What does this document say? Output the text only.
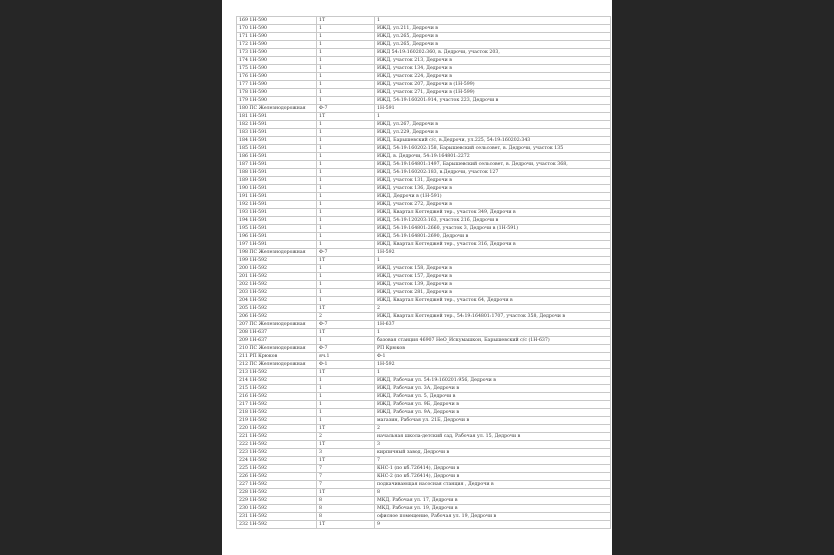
169 1Н-590	1Т	1
170 1Н-590	1	ИЖД, ул.211, Дедрочи в
171 1Н-590	1	ИЖД, ул.265, Дедрочи в
172 1Н-590	1	ИЖД, ул.265, Дедрочи в
173 1Н-590	1	ИЖД 54:19:160202:360, в. Дедрочи, участок 203,
174 1Н-590	1	ИЖД, участок 213, Дедрочи в
175 1Н-590	1	ИЖД, участок 134, Дедрочи в
176 1Н-590	1	ИЖД, участок 224, Дедрочи в
177 1Н-590	1	ИЖД, участок 207, Дедрочи в (1Н-599)
178 1Н-590	1	ИЖД, участок 271, Дедрочи в (1Н-599)
179 1Н-590	1	ИЖД, 54:19:160201:914, участок 223, Дедрочи в
180 ПС Железнодорожная	Ф-7	1Н-591
181 1Н-591	1Т	1
182 1Н-591	1	ИЖД, ул.267, Дедрочи в
183 1Н-591	1	ИЖД, ул.229, Дедрочи в
184 1Н-591	1	ИЖД, Барышевский с/с, в.Дедрочи, ул.225, 54:19:160202:343
185 1Н-591	1	ИЖД, 54:19:160202:158, Барышевский сельсовет, в. Дедрочи, участок 135
186 1Н-591	1	ИЖД, в. Дедрочи, 54:19:164801:2272
187 1Н-591	1	ИЖД, 54:19:164801:1497, Барышевский сельсовет, в. Дедрочи, участок 368,
188 1Н-591	1	ИЖД, 54:19:160202:183, в.Дедрочи, участок 127
189 1Н-591	1	ИЖД, участок 131, Дедрочи в
190 1Н-591	1	ИЖД, участок 136, Дедрочи в
191 1Н-591	1	ИЖД, Дедрочи в (1Н-591)
192 1Н-591	1	ИЖД, участок 272, Дедрочи в
193 1Н-591	1	ИЖД, Квартал Коттеджей тер., участок 349, Дедрочи в
194 1Н-591	1	ИЖД, 54:19:120203:163, участок 216, Дедрочи в
195 1Н-591	1	ИЖД, 54:19:164801:2660, участок 3, Дедрочи в (1Н-591)
196 1Н-591	1	ИЖД, 54:19:164801:2690, Дедрочи в
197 1Н-591	1	ИЖД, Квартал Коттеджей тер., участок 316, Дедрочи в
198 ПС Железнодорожная	Ф-7	1Н-592
199 1Н-592	1Т	1
200 1Н-592	1	ИЖД, участок 158, Дедрочи в
201 1Н-592	1	ИЖД, участок 157, Дедрочи в
202 1Н-592	1	ИЖД, участок 139, Дедрочи в
203 1Н-592	1	ИЖД, участок 281, Дедрочи в
204 1Н-592	1	ИЖД, Квартал Коттеджей тер., участок 64, Дедрочи в
205 1Н-592	1Т	2
206 1Н-592	2	ИЖД, Квартал Коттеджей тер., 54:19:164801:1707, участок 358, Дедрочи в
207 ПС Железнодорожная	Ф-7	1Н-637
208 1Н-637	1Т	1
209 1Н-637	1	базовая станция 46907 НеО_Искумашкон, Барышевский с/с (1Н-637)
210 ПС Железнодорожная	Ф-7	РП Крюков
211 РП Крюков	яч.1	Ф-1
212 ПС Железнодорожная	Ф-1	1Н-592
213 1Н-592	1Т	1
214 1Н-592	1	ИЖД, Рабочая ул. 54:19:160201:956, Дедрочи в
215 1Н-592	1	ИЖД, Рабочая ул. 3А, Дедрочи в
216 1Н-592	1	ИЖД, Рабочая ул. 5, Дедрочи в
217 1Н-592	1	ИЖД, Рабочая ул. 9Б, Дедрочи в
218 1Н-592	1	ИЖД, Рабочая ул. 9А, Дедрочи в
219 1Н-592	1	магазин, Рабочая ул. 21Б, Дедрочи в
220 1Н-592	1Т	2
221 1Н-592	2	начальная школа-детский сад, Рабочая ул. 15, Дедрочи в
222 1Н-592	1Т	3
223 1Н-592	3	кирпичный завод, Дедрочи в
224 1Н-592	1Т	7
225 1Н-592	7	КНС-1 (по кб.726414), Дедрочи в
226 1Н-592	7	КНС-2 (по кб.726414), Дедрочи в
227 1Н-592	7	подкачивающая насосная станция , Дедрочи в
228 1Н-592	1Т	8
229 1Н-592	8	МКД, Рабочая ул. 17, Дедрочи в
230 1Н-592	8	МКД, Рабочая ул. 19, Дедрочи в
231 1Н-592	8	офисное помещение, Рабочая ул. 19, Дедрочи в
232 1Н-592	1Т	9
